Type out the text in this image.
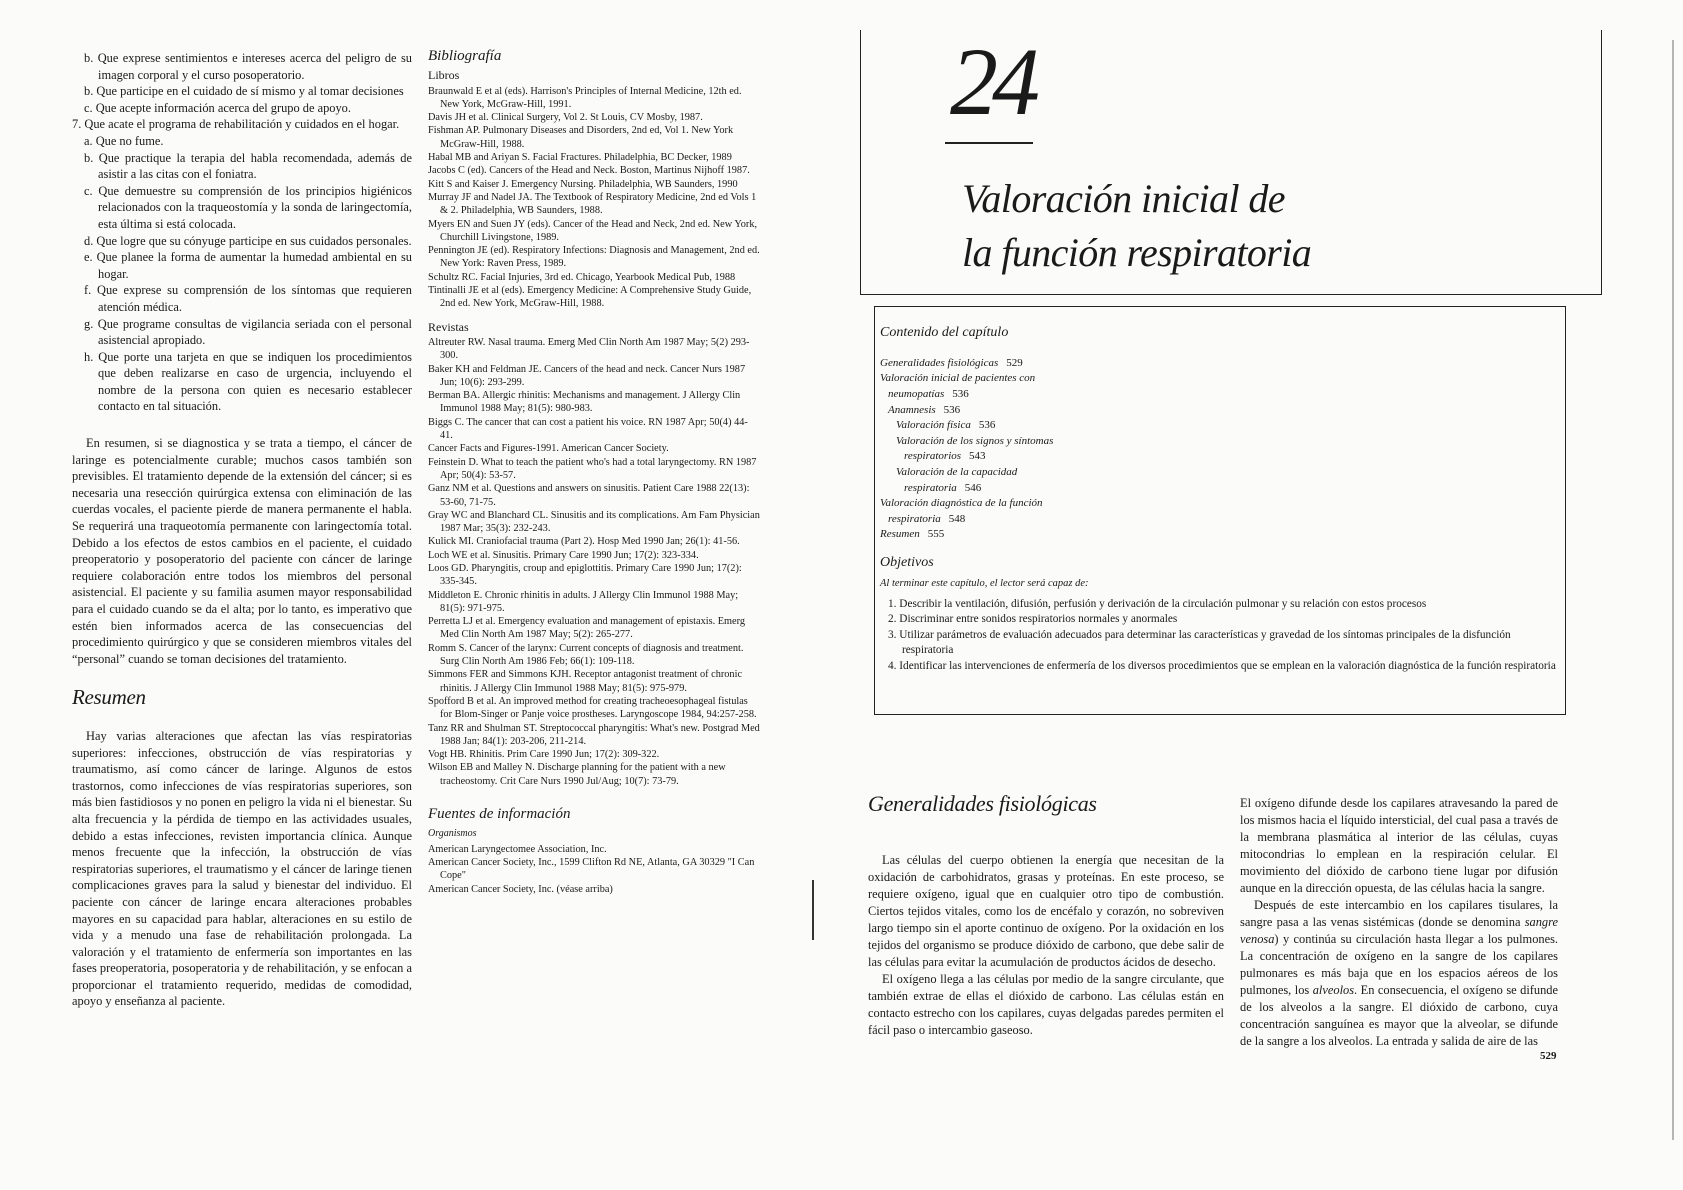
b. Que exprese sentimientos e intereses acerca del peligro de su imagen corporal y el curso posoperatorio.
b. Que participe en el cuidado de sí mismo y al tomar decisiones
c. Que acepte información acerca del grupo de apoyo.
7. Que acate el programa de rehabilitación y cuidados en el hogar.
a. Que no fume.
b. Que practique la terapia del habla recomendada, además de asistir a las citas con el foniatra.
c. Que demuestre su comprensión de los principios higiénicos relacionados con la traqueostomía y la sonda de laringectomía, esta última si está colocada.
d. Que logre que su cónyuge participe en sus cuidados personales.
e. Que planee la forma de aumentar la humedad ambiental en su hogar.
f. Que exprese su comprensión de los síntomas que requieren atención médica.
g. Que programe consultas de vigilancia seriada con el personal asistencial apropiado.
h. Que porte una tarjeta en que se indiquen los procedimientos que deben realizarse en caso de urgencia, incluyendo el nombre de la persona con quien es necesario establecer contacto en tal situación.

En resumen, si se diagnostica y se trata a tiempo, el cáncer de laringe es potencialmente curable; muchos casos también son previsibles. El tratamiento depende de la extensión del cáncer; si es necesaria una resección quirúrgica extensa con eliminación de las cuerdas vocales, el paciente pierde de manera permanente el habla. Se requerirá una traqueotomía permanente con laringectomía total. Debido a los efectos de estos cambios en el paciente, el cuidado preoperatorio y posoperatorio del paciente con cáncer de laringe requiere colaboración entre todos los miembros del personal asistencial. El paciente y su familia asumen mayor responsabilidad para el cuidado cuando se da el alta; por lo tanto, es imperativo que estén bien informados acerca de las consecuencias del procedimiento quirúrgico y que se consideren miembros vitales del “personal” cuando se toman decisiones del tratamiento.

Resumen

Hay varias alteraciones que afectan las vías respiratorias superiores: infecciones, obstrucción de vías respiratorias y traumatismo, así como cáncer de laringe. Algunos de estos trastornos, como infecciones de vías respiratorias superiores, son más bien fastidiosos y no ponen en peligro la vida ni el bienestar. Su alta frecuencia y la pérdida de tiempo en las actividades usuales, debido a estas infecciones, revisten importancia clínica. Aunque menos frecuente que la infección, la obstrucción de vías respiratorias superiores, el traumatismo y el cáncer de laringe tienen complicaciones graves para la salud y bienestar del individuo. El paciente con cáncer de laringe encara alteraciones probables mayores en su capacidad para hablar, alteraciones en su estilo de vida y a menudo una fase de rehabilitación prolongada. La valoración y el tratamiento de enfermería son importantes en las fases preoperatoria, posoperatoria y de rehabilitación, y se enfocan a proporcionar el tratamiento requerido, medidas de comodidad, apoyo y enseñanza al paciente.

Bibliografía
Libros

Braunwald E et al (eds). Harrison's Principles of Internal Medicine, 12th ed. New York, McGraw-Hill, 1991.

Davis JH et al. Clinical Surgery, Vol 2. St Louis, CV Mosby, 1987.

Fishman AP. Pulmonary Diseases and Disorders, 2nd ed, Vol 1. New York McGraw-Hill, 1988.

Habal MB and Ariyan S. Facial Fractures. Philadelphia, BC Decker, 1989

Jacobs C (ed). Cancers of the Head and Neck. Boston, Martinus Nijhoff 1987.

Kitt S and Kaiser J. Emergency Nursing. Philadelphia, WB Saunders, 1990

Murray JF and Nadel JA. The Textbook of Respiratory Medicine, 2nd ed Vols 1 & 2. Philadelphia, WB Saunders, 1988.

Myers EN and Suen JY (eds). Cancer of the Head and Neck, 2nd ed. New York, Churchill Livingstone, 1989.

Pennington JE (ed). Respiratory Infections: Diagnosis and Management, 2nd ed. New York: Raven Press, 1989.

Schultz RC. Facial Injuries, 3rd ed. Chicago, Yearbook Medical Pub, 1988

Tintinalli JE et al (eds). Emergency Medicine: A Comprehensive Study Guide, 2nd ed. New York, McGraw-Hill, 1988.

Revistas

Altreuter RW. Nasal trauma. Emerg Med Clin North Am 1987 May; 5(2) 293-300.

Baker KH and Feldman JE. Cancers of the head and neck. Cancer Nurs 1987 Jun; 10(6): 293-299.

Berman BA. Allergic rhinitis: Mechanisms and management. J Allergy Clin Immunol 1988 May; 81(5): 980-983.

Biggs C. The cancer that can cost a patient his voice. RN 1987 Apr; 50(4) 44-41.

Cancer Facts and Figures-1991. American Cancer Society.

Feinstein D. What to teach the patient who's had a total laryngectomy. RN 1987 Apr; 50(4): 53-57.

Ganz NM et al. Questions and answers on sinusitis. Patient Care 1988 22(13): 53-60, 71-75.

Gray WC and Blanchard CL. Sinusitis and its complications. Am Fam Physician 1987 Mar; 35(3): 232-243.

Kulick MI. Craniofacial trauma (Part 2). Hosp Med 1990 Jan; 26(1): 41-56.

Loch WE et al. Sinusitis. Primary Care 1990 Jun; 17(2): 323-334.

Loos GD. Pharyngitis, croup and epiglottitis. Primary Care 1990 Jun; 17(2): 335-345.

Middleton E. Chronic rhinitis in adults. J Allergy Clin Immunol 1988 May; 81(5): 971-975.

Perretta LJ et al. Emergency evaluation and management of epistaxis. Emerg Med Clin North Am 1987 May; 5(2): 265-277.

Romm S. Cancer of the larynx: Current concepts of diagnosis and treatment. Surg Clin North Am 1986 Feb; 66(1): 109-118.

Simmons FER and Simmons KJH. Receptor antagonist treatment of chronic rhinitis. J Allergy Clin Immunol 1988 May; 81(5): 975-979.

Spofford B et al. An improved method for creating tracheoesophageal fistulas for Blom-Singer or Panje voice prostheses. Laryngoscope 1984, 94:257-258.

Tanz RR and Shulman ST. Streptococcal pharyngitis: What's new. Postgrad Med 1988 Jan; 84(1): 203-206, 211-214.

Vogt HB. Rhinitis. Prim Care 1990 Jun; 17(2): 309-322.

Wilson EB and Malley N. Discharge planning for the patient with a new tracheostomy. Crit Care Nurs 1990 Jul/Aug; 10(7): 73-79.

Fuentes de información
Organismos

American Laryngectomee Association, Inc.

American Cancer Society, Inc., 1599 Clifton Rd NE, Atlanta, GA 30329 "I Can Cope"

American Cancer Society, Inc. (véase arriba)

24
Valoración inicial de
la función respiratoria
Contenido del capítulo

Generalidades fisiológicas 529

Valoración inicial de pacientes con

neumopatías 536

Anamnesis 536

Valoración física 536

Valoración de los signos y síntomas

respiratorios 543

Valoración de la capacidad

respiratoria 546

Valoración diagnóstica de la función

respiratoria 548

Resumen 555

Objetivos
Al terminar este capítulo, el lector será capaz de:

1. Describir la ventilación, difusión, perfusión y derivación de la circulación pulmonar y su relación con estos procesos

2. Discriminar entre sonidos respiratorios normales y anormales

3. Utilizar parámetros de evaluación adecuados para determinar las características y gravedad de los síntomas principales de la disfunción respiratoria

4. Identificar las intervenciones de enfermería de los diversos procedimientos que se emplean en la valoración diagnóstica de la función respiratoria

Generalidades fisiológicas

Las células del cuerpo obtienen la energía que necesitan de la oxidación de carbohidratos, grasas y proteínas. En este proceso, se requiere oxígeno, igual que en cualquier otro tipo de combustión. Ciertos tejidos vitales, como los de encéfalo y corazón, no sobreviven largo tiempo sin el aporte continuo de oxígeno. Por la oxidación en los tejidos del organismo se produce dióxido de carbono, que debe salir de las células para evitar la acumulación de productos ácidos de desecho.

El oxígeno llega a las células por medio de la sangre circulante, que también extrae de ellas el dióxido de carbono. Las células están en contacto estrecho con los capilares, cuyas delgadas paredes permiten el fácil paso o intercambio gaseoso.

El oxígeno difunde desde los capilares atravesando la pared de los mismos hacia el líquido intersticial, del cual pasa a través de la membrana plasmática al interior de las células, cuyas mitocondrias lo emplean en la respiración celular. El movimiento del dióxido de carbono tiene lugar por difusión aunque en la dirección opuesta, de las células hacia la sangre.

Después de este intercambio en los capilares tisulares, la sangre pasa a las venas sistémicas (donde se denomina sangre venosa) y continúa su circulación hasta llegar a los pulmones. La concentración de oxígeno en la sangre de los capilares pulmonares es más baja que en los espacios aéreos de los pulmones, los alveolos. En consecuencia, el oxígeno se difunde de los alveolos a la sangre. El dióxido de carbono, cuya concentración sanguínea es mayor que la alveolar, se difunde de la sangre a los alveolos. La entrada y salida de aire de las

529
